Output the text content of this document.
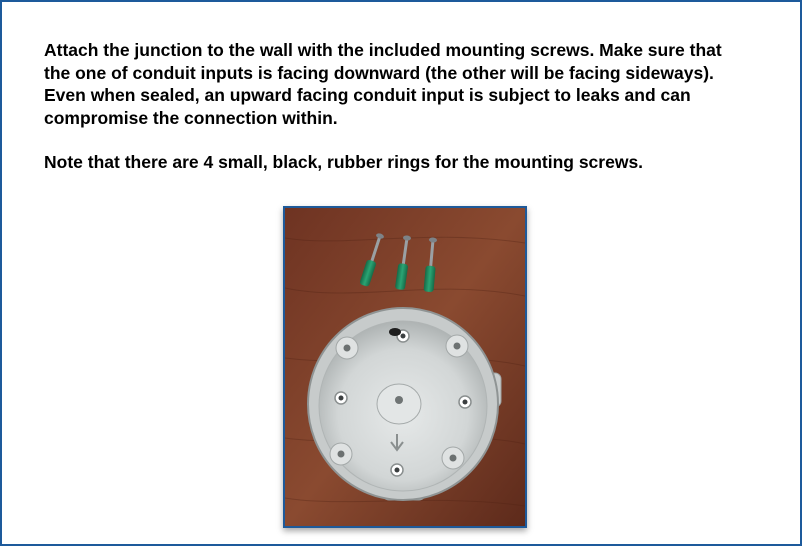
Attach the junction to the wall with the included mounting screws. Make sure that the one of conduit inputs is facing downward (the other will be facing sideways). Even when sealed, an upward facing conduit input is subject to leaks and can compromise the connection within.

Note that there are 4 small, black, rubber rings for the mounting screws.
